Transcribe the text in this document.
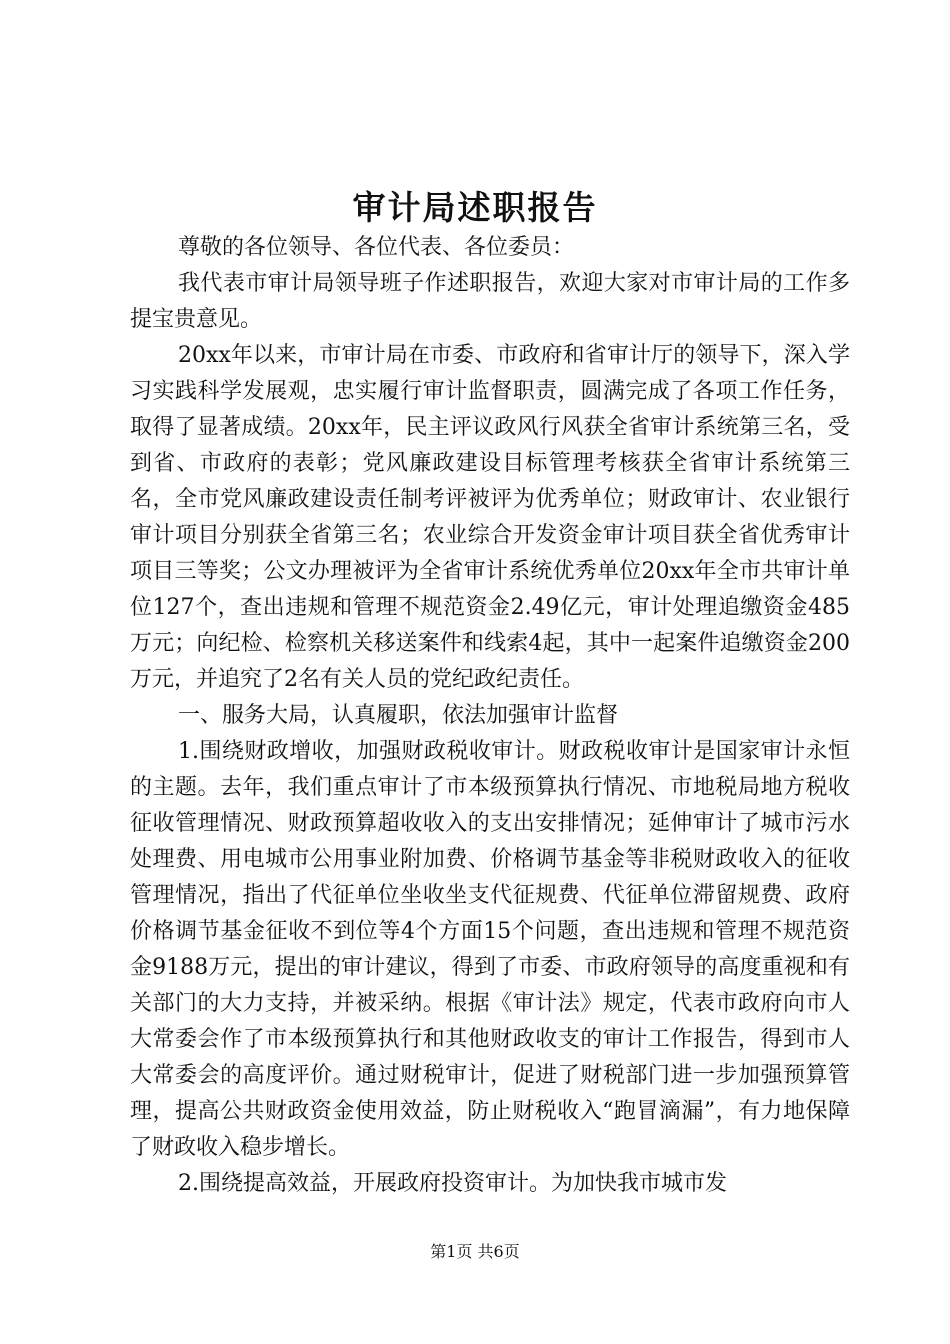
审计局述职报告

尊敬的各位领导、各位代表、各位委员：

我代表市审计局领导班子作述职报告，欢迎大家对市审计局的工作多提宝贵意见。

20xx年以来，市审计局在市委、市政府和省审计厅的领导下，深入学习实践科学发展观，忠实履行审计监督职责，圆满完成了各项工作任务，取得了显著成绩。20xx年，民主评议政风行风获全省审计系统第三名，受到省、市政府的表彰；党风廉政建设目标管理考核获全省审计系统第三名，全市党风廉政建设责任制考评被评为优秀单位；财政审计、农业银行审计项目分别获全省第三名；农业综合开发资金审计项目获全省优秀审计项目三等奖；公文办理被评为全省审计系统优秀单位20xx年全市共审计单位127个，查出违规和管理不规范资金2.49亿元，审计处理追缴资金485万元；向纪检、检察机关移送案件和线索4起，其中一起案件追缴资金200万元，并追究了2名有关人员的党纪政纪责任。

一、服务大局，认真履职，依法加强审计监督

1.围绕财政增收，加强财政税收审计。财政税收审计是国家审计永恒的主题。去年，我们重点审计了市本级预算执行情况、市地税局地方税收征收管理情况、财政预算超收收入的支出安排情况；延伸审计了城市污水处理费、用电城市公用事业附加费、价格调节基金等非税财政收入的征收管理情况，指出了代征单位坐收坐支代征规费、代征单位滞留规费、政府价格调节基金征收不到位等4个方面15个问题，查出违规和管理不规范资金9188万元，提出的审计建议，得到了市委、市政府领导的高度重视和有关部门的大力支持，并被采纳。根据《审计法》规定，代表市政府向市人大常委会作了市本级预算执行和其他财政收支的审计工作报告，得到市人大常委会的高度评价。通过财税审计，促进了财税部门进一步加强预算管理，提高公共财政资金使用效益，防止财税收入“跑冒滴漏”，有力地保障了财政收入稳步增长。

2.围绕提高效益，开展政府投资审计。为加快我市城市发

第1页 共6页
